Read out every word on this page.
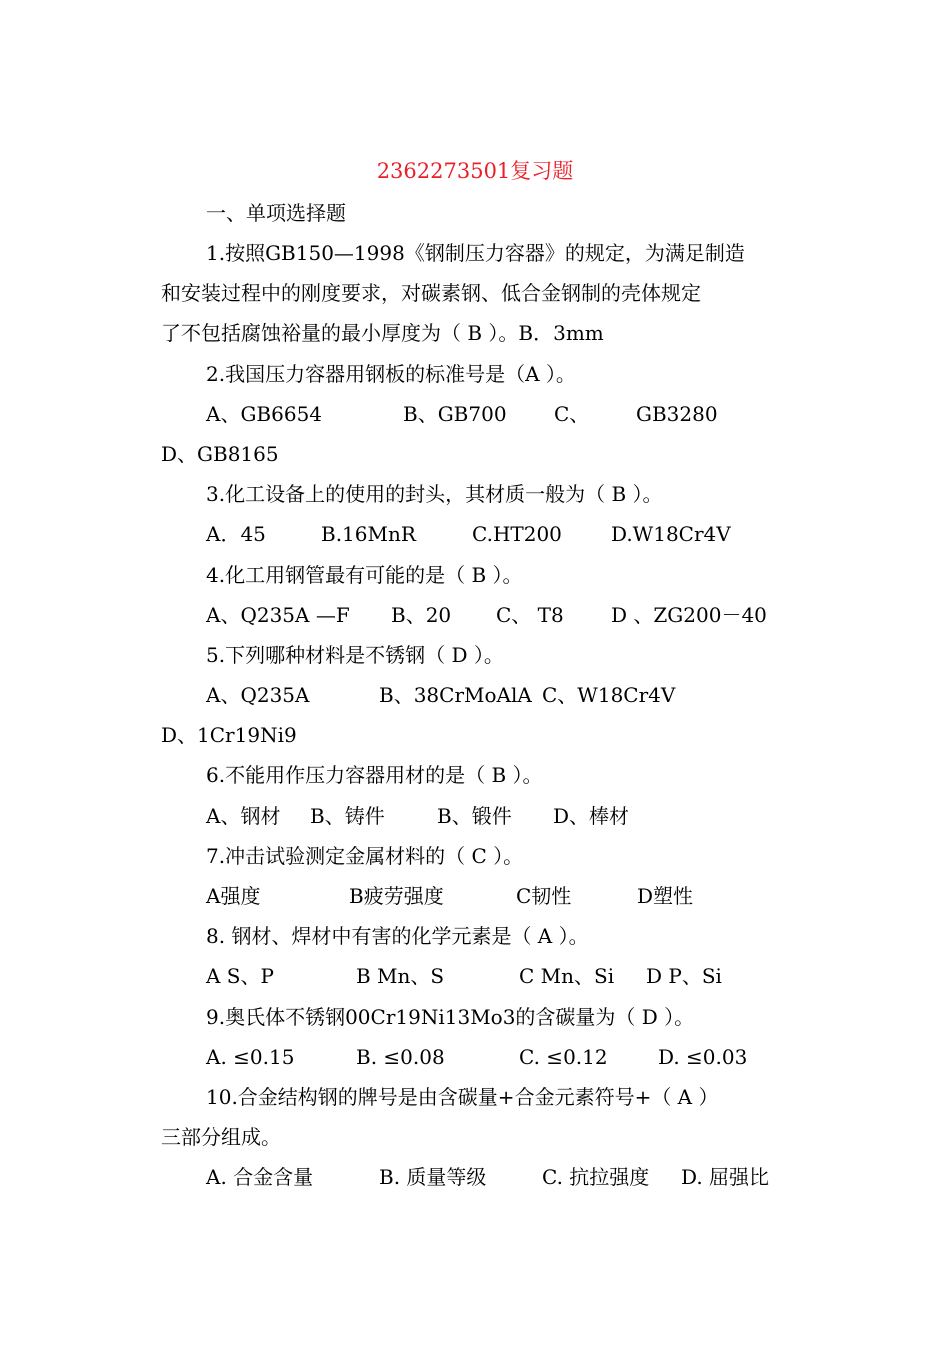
2362273501复习题
一、单项选择题
1.按照GB150—1998《钢制压力容器》的规定，为满足制造
和安装过程中的刚度要求，对碳素钢、低合金钢制的壳体规定
了不包括腐蚀裕量的最小厚度为（ B ）。B．3mm
2.我国压力容器用钢板的标准号是（A ）。
A、GB6654	B、GB700 C、 GB3280
D、GB8165
3.化工设备上的使用的封头，其材质一般为（ B ）。
A．45	B.16MnR	C.HT200 D.W18Cr4V
4.化工用钢管最有可能的是（ B ）。
A、Q235A —F B、20 C、 T8 D 、ZG200－40
5.下列哪种材料是不锈钢（ D ）。
A、Q235A	B、38CrMoAlA C、W18Cr4V
D、1Cr19Ni9
6.不能用作压力容器用材的是（ B ）。
A、钢材 B、铸件	B、锻件 D、棒材
7.冲击试验测定金属材料的（ C ）。
A强度	B疲劳强度	C韧性	D塑性
8. 钢材、焊材中有害的化学元素是（ A ）。
A S、P	B Mn、S	C Mn、Si D P、Si
9.奥氏体不锈钢00Cr19Ni13Mo3的含碳量为（ D ）。
A. ≤0.15	B. ≤0.08	C. ≤0.12	D. ≤0.03
10.合金结构钢的牌号是由含碳量+合金元素符号+（ A ）
三部分组成。
A. 合金含量	B. 质量等级	C. 抗拉强度 D. 屈强比
